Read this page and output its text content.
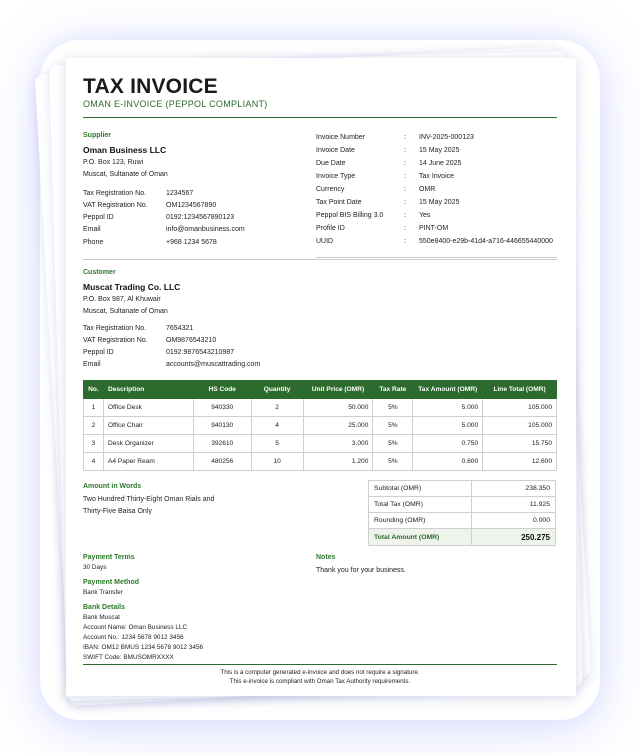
TAX INVOICE
OMAN E-INVOICE (PEPPOL COMPLIANT)
Supplier
Oman Business LLC
P.O. Box 123, Ruwi
Muscat, Sultanate of Oman
Tax Registration No.	1234567
VAT Registration No.	OM1234567890
Peppol ID	0192:1234567890123
Email	info@omanbusiness.com
Phone	+968 1234 5678
Invoice Number	: INV-2025-000123
Invoice Date	: 15 May 2025
Due Date	: 14 June 2025
Invoice Type	: Tax Invoice
Currency	: OMR
Tax Point Date	: 15 May 2025
Peppol BIS Billing 3.0	: Yes
Profile ID	: PINT-OM
UUID	: 550e8400-e29b-41d4-a716-446655440000
Customer
Muscat Trading Co. LLC
P.O. Box 987, Al Khuwair
Muscat, Sultanate of Oman
Tax Registration No.	7654321
VAT Registration No.	OM9876543210
Peppol ID	0192:9876543210987
Email	accounts@muscattrading.com
No.	Description	HS Code	Quantity	Unit Price (OMR)	Tax Rate	Tax Amount (OMR)	Line Total (OMR)
1	Office Desk	940330	2	50.000	5%	5.000	105.000
2	Office Chair	940130	4	25.000	5%	5.000	105.000
3	Desk Organizer	392610	5	3.000	5%	0.750	15.750
4	A4 Paper Ream	480256	10	1.200	5%	0.600	12.600
Amount in Words
Two Hundred Thirty-Eight Oman Rials and
Thirty-Five Baisa Only
Subtotal (OMR)	238.350
Total Tax (OMR)	11.925
Rounding (OMR)	0.000
Total Amount (OMR)	250.275
Payment Terms
30 Days
Payment Method
Bank Transfer
Bank Details
Bank Muscat
Account Name: Oman Business LLC
Account No.: 1234 5678 9012 3456
IBAN: OM12 BMUS 1234 5678 9012 3456
SWIFT Code: BMUSOMRXXXX
Notes
Thank you for your business.
This is a computer generated e-invoice and does not require a signature.
This e-invoice is compliant with Oman Tax Authority requirements.
